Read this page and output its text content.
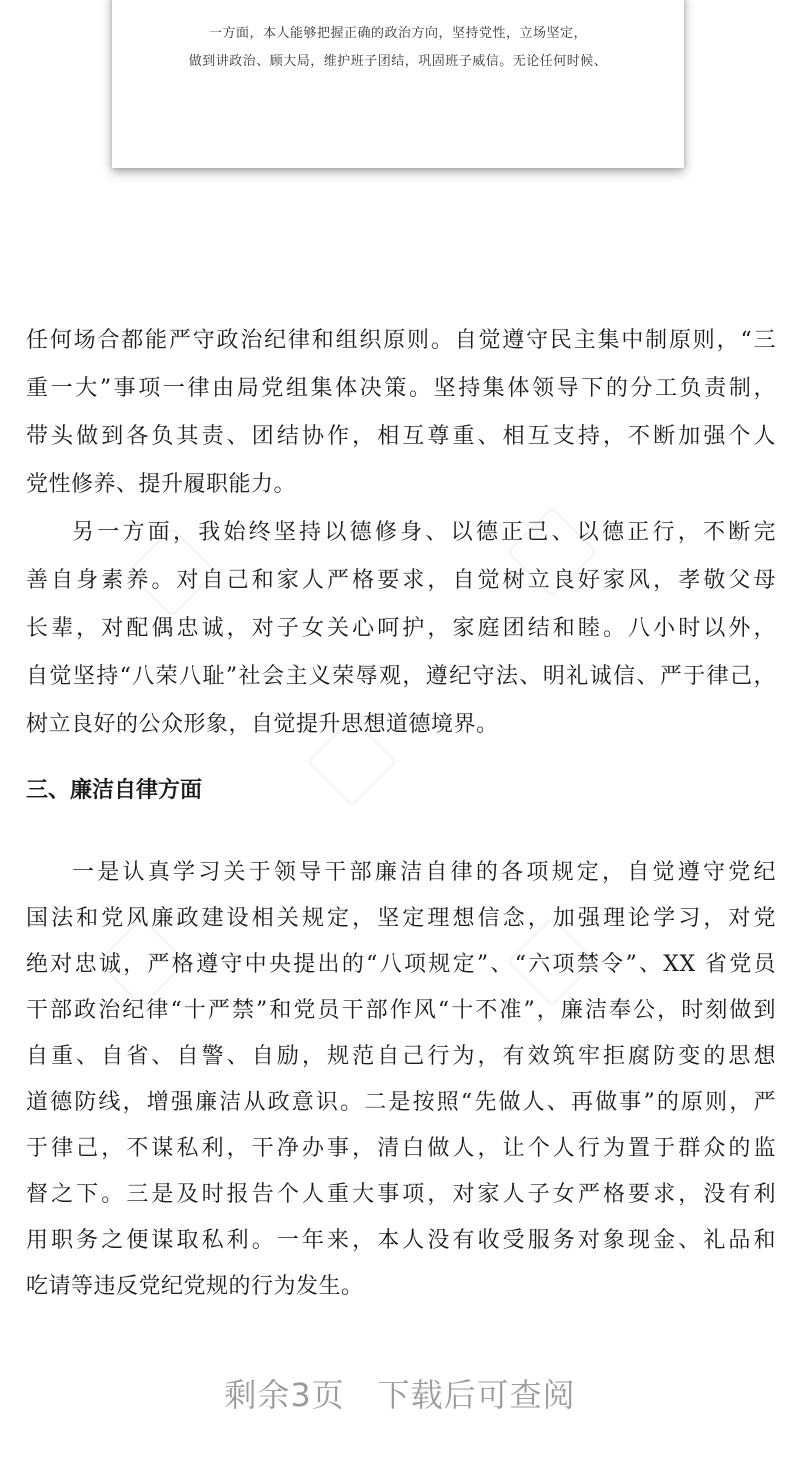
一方面，本人能够把握正确的政治方向，坚持党性，立场坚定，

做到讲政治、顾大局，维护班子团结，巩固班子威信。无论任何时候、

任何场合都能严守政治纪律和组织原则。自觉遵守民主集中制原则，“三
重一大”事项一律由局党组集体决策。坚持集体领导下的分工负责制，
带头做到各负其责、团结协作，相互尊重、相互支持，不断加强个人
党性修养、提升履职能力。
另一方面，我始终坚持以德修身、以德正己、以德正行，不断完
善自身素养。对自己和家人严格要求，自觉树立良好家风，孝敬父母
长辈，对配偶忠诚，对子女关心呵护，家庭团结和睦。八小时以外，
自觉坚持“八荣八耻”社会主义荣辱观，遵纪守法、明礼诚信、严于律己，
树立良好的公众形象，自觉提升思想道德境界。
三、廉洁自律方面
一是认真学习关于领导干部廉洁自律的各项规定，自觉遵守党纪
国法和党风廉政建设相关规定，坚定理想信念，加强理论学习，对党
绝对忠诚，严格遵守中央提出的“八项规定”、“六项禁令”、XX 省党员
干部政治纪律“十严禁”和党员干部作风“十不准”，廉洁奉公，时刻做到
自重、自省、自警、自励，规范自己行为，有效筑牢拒腐防变的思想
道德防线，增强廉洁从政意识。二是按照“先做人、再做事”的原则，严
于律己，不谋私利，干净办事，清白做人，让个人行为置于群众的监
督之下。三是及时报告个人重大事项，对家人子女严格要求，没有利
用职务之便谋取私利。一年来，本人没有收受服务对象现金、礼品和
吃请等违反党纪党规的行为发生。
剩余3页　下载后可查阅
